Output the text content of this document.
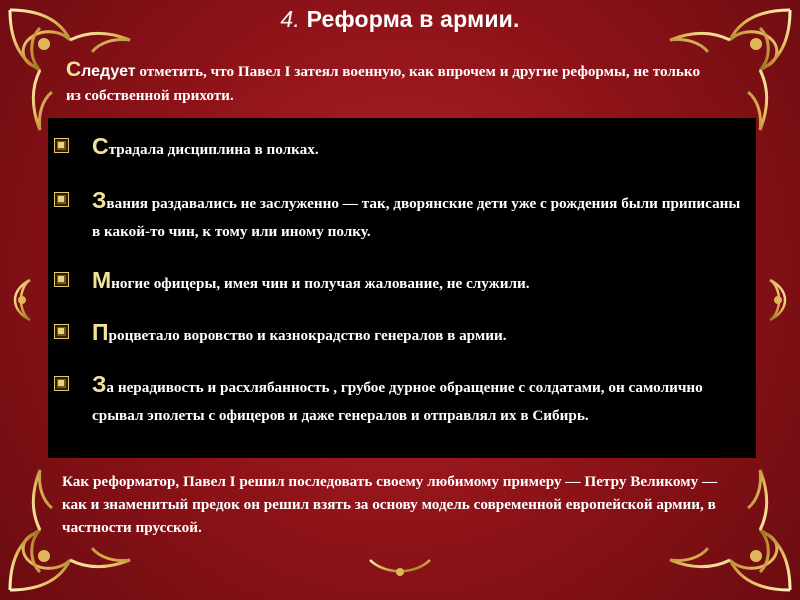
4. Реформа в армии.
Следует отметить, что Павел I затеял военную, как впрочем и другие реформы, не только из собственной прихоти.
Страдала дисциплина в полках.
Звания раздавались не заслуженно — так, дворянские дети уже с рождения были приписаны в какой-то чин, к тому или иному полку.
Многие офицеры, имея чин и получая жалование, не служили.
Процветало воровство и казнокрадство генералов в армии.
За нерадивость и расхлябанность , грубое дурное обращение с солдатами, он самолично срывал эполеты с офицеров и даже генералов и отправлял их в Сибирь.
Как реформатор, Павел I решил последовать своему любимому примеру — Петру Великому — как и знаменитый предок он решил взять за основу модель современной европейской армии, в частности прусской.
